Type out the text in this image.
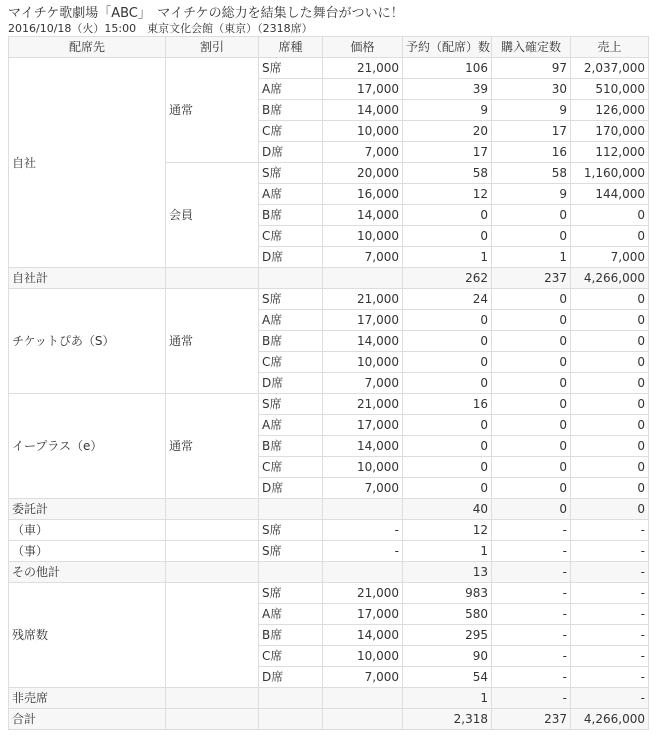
マイチケ歌劇場「ABC」　マイチケの総力を結集した舞台がついに！
2016/10/18（火）15:00　東京文化会館（東京）（2318席）
配席先	割引	席種	価格	予約（配席）数	購入確定数	売上
自社	通常	S席	21,000	106	97	2,037,000
		A席	17,000	39	30	510,000
		B席	14,000	9	9	126,000
		C席	10,000	20	17	170,000
		D席	7,000	17	16	112,000
	会員	S席	20,000	58	58	1,160,000
		A席	16,000	12	9	144,000
		B席	14,000	0	0	0
		C席	10,000	0	0	0
		D席	7,000	1	1	7,000
自社計				262	237	4,266,000
チケットぴあ（S）	通常	S席	21,000	24	0	0
		A席	17,000	0	0	0
		B席	14,000	0	0	0
		C席	10,000	0	0	0
		D席	7,000	0	0	0
イープラス（e）	通常	S席	21,000	16	0	0
		A席	17,000	0	0	0
		B席	14,000	0	0	0
		C席	10,000	0	0	0
		D席	7,000	0	0	0
委託計				40	0	0
（車）		S席	-	12	-	-
（事）		S席	-	1	-	-
その他計				13	-	-
残席数		S席	21,000	983	-	-
		A席	17,000	580	-	-
		B席	14,000	295	-	-
		C席	10,000	90	-	-
		D席	7,000	54	-	-
非売席				1	-	-
合計				2,318	237	4,266,000
